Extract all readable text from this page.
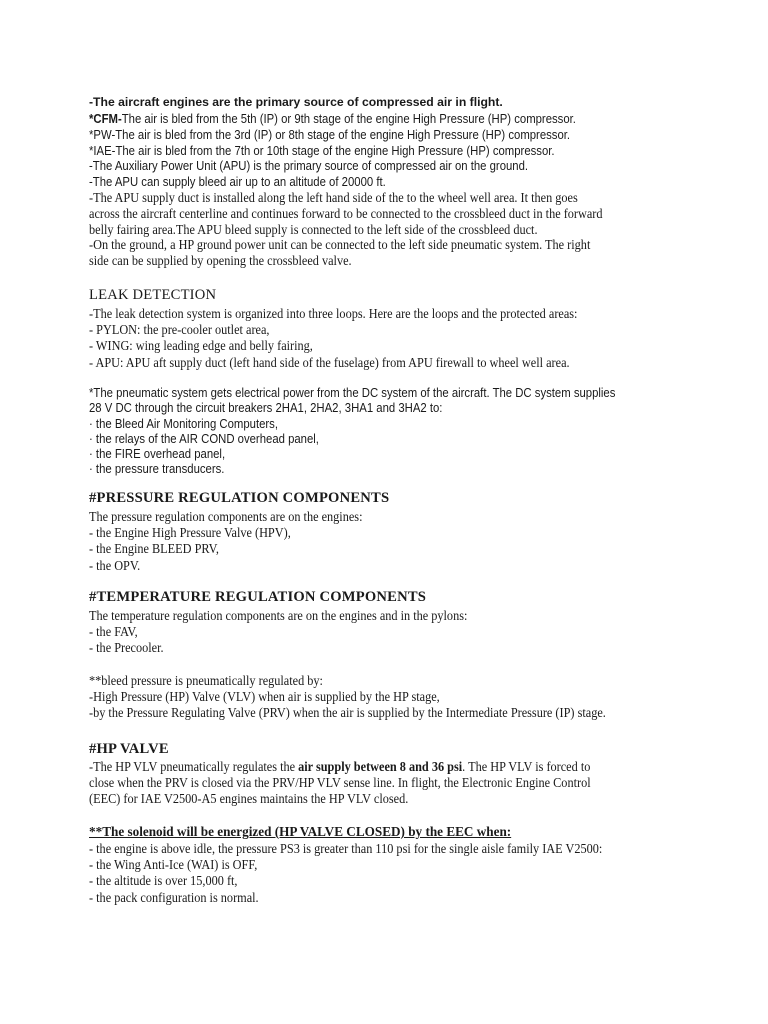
-The aircraft engines are the primary source of compressed air in flight.
*CFM-The air is bled from the 5th (IP) or 9th stage of the engine High Pressure (HP) compressor.
*PW-The air is bled from the 3rd (IP) or 8th stage of the engine High Pressure (HP) compressor.
*IAE-The air is bled from the 7th or 10th stage of the engine High Pressure (HP) compressor.
-The Auxiliary Power Unit (APU) is the primary source of compressed air on the ground.
-The APU can supply bleed air up to an altitude of 20000 ft.
-The APU supply duct is installed along the left hand side of the to the wheel well area. It then goes
across the aircraft centerline and continues forward to be connected to the crossbleed duct in the forward
belly fairing area.The APU bleed supply is connected to the left side of the crossbleed duct.
-On the ground, a HP ground power unit can be connected to the left side pneumatic system. The right
side can be supplied by opening the crossbleed valve.
LEAK DETECTION
-The leak detection system is organized into three loops. Here are the loops and the protected areas:
- PYLON: the pre-cooler outlet area,
- WING: wing leading edge and belly fairing,
- APU: APU aft supply duct (left hand side of the fuselage) from APU firewall to wheel well area.
*The pneumatic system gets electrical power from the DC system of the aircraft. The DC system supplies
28 V DC through the circuit breakers 2HA1, 2HA2, 3HA1 and 3HA2 to:
· the Bleed Air Monitoring Computers,
· the relays of the AIR COND overhead panel,
· the FIRE overhead panel,
· the pressure transducers.
#PRESSURE REGULATION COMPONENTS
The pressure regulation components are on the engines:
- the Engine High Pressure Valve (HPV),
- the Engine BLEED PRV,
- the OPV.
#TEMPERATURE REGULATION COMPONENTS
The temperature regulation components are on the engines and in the pylons:
- the FAV,
- the Precooler.
**bleed pressure is pneumatically regulated by:
-High Pressure (HP) Valve (VLV) when air is supplied by the HP stage,
-by the Pressure Regulating Valve (PRV) when the air is supplied by the Intermediate Pressure (IP) stage.
#HP VALVE
-The HP VLV pneumatically regulates the air supply between 8 and 36 psi. The HP VLV is forced to
close when the PRV is closed via the PRV/HP VLV sense line. In flight, the Electronic Engine Control
(EEC) for IAE V2500-A5 engines maintains the HP VLV closed.
**The solenoid will be energized (HP VALVE CLOSED) by the EEC when:
- the engine is above idle, the pressure PS3 is greater than 110 psi for the single aisle family IAE V2500:
- the Wing Anti-Ice (WAI) is OFF,
- the altitude is over 15,000 ft,
- the pack configuration is normal.
